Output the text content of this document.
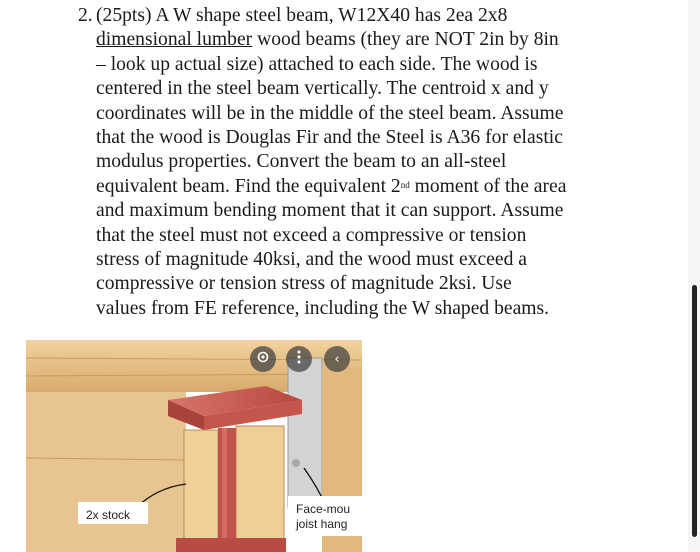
2. (25pts) A W shape steel beam, W12X40 has 2ea 2x8
dimensional lumber wood beams (they are NOT 2in by 8in
– look up actual size) attached to each side. The wood is
centered in the steel beam vertically. The centroid x and y
coordinates will be in the middle of the steel beam. Assume
that the wood is Douglas Fir and the Steel is A36 for elastic
modulus properties. Convert the beam to an all-steel
equivalent beam. Find the equivalent 2nd moment of the area
and maximum bending moment that it can support. Assume
that the steel must not exceed a compressive or tension
stress of magnitude 40ksi, and the wood must exceed a
compressive or tension stress of magnitude 2ksi. Use
values from FE reference, including the W shaped beams.
2x stock	Face-mou
joist hang
‹
